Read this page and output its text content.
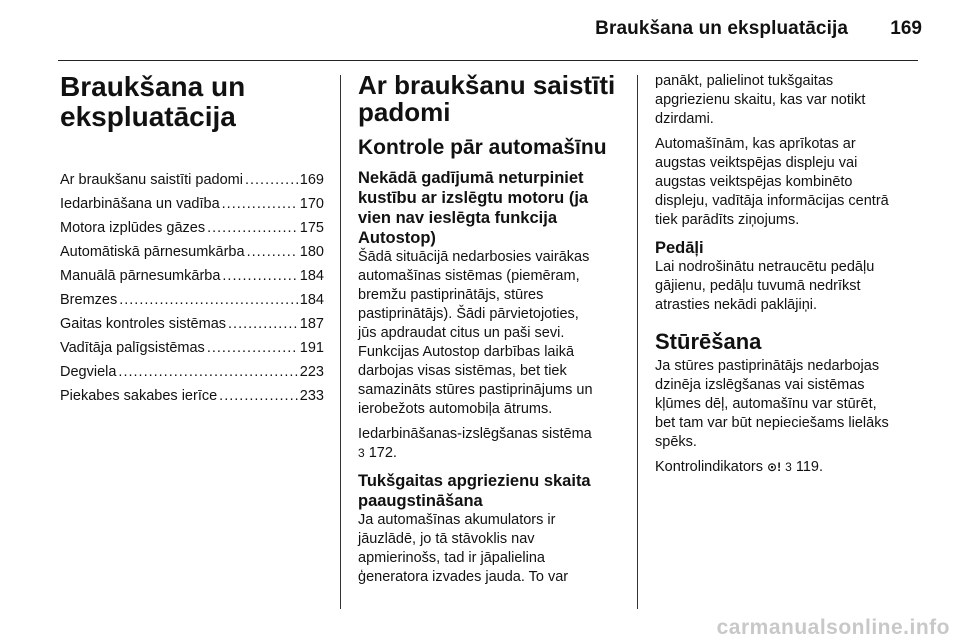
Braukšana un ekspluatācija 169
Braukšana un
ekspluatācija
Ar braukšanu saistīti padomi .....	169
Iedarbināšana un vadība .....	170
Motora izplūdes gāzes .....	175
Automātiskā pārnesumkārba .....	180
Manuālā pārnesumkārba .....	184
Bremzes .....	184
Gaitas kontroles sistēmas .....	187
Vadītāja palīgsistēmas .....	191
Degviela .....	223
Piekabes sakabes ierīce .....	233
Ar braukšanu saistīti
padomi
Kontrole pār automašīnu
Nekādā gadījumā neturpiniet
kustību ar izslēgtu motoru (ja
vien nav ieslēgta funkcija
Autostop)
Šādā situācijā nedarbosies vairākas
automašīnas sistēmas (piemēram,
bremžu pastiprinātājs, stūres
pastiprinātājs). Šādi pārvietojoties,
jūs apdraudat citus un paši sevi.
Funkcijas Autostop darbības laikā
darbojas visas sistēmas, bet tiek
samazināts stūres pastiprinājums un
ierobežots automobiļa ātrums.
Iedarbināšanas-izslēgšanas sistēma
3 172.
Tukšgaitas apgriezienu skaita
paaugstināšana
Ja automašīnas akumulators ir
jāuzlādē, jo tā stāvoklis nav
apmierinošs, tad ir jāpalielina
ģeneratora izvades jauda. To var
panākt, palielinot tukšgaitas
apgriezienu skaitu, kas var notikt
dzirdami.
Automašīnām, kas aprīkotas ar
augstas veiktspējas displeju vai
augstas veiktspējas kombinēto
displeju, vadītāja informācijas centrā
tiek parādīts ziņojums.
Pedāļi
Lai nodrošinātu netraucētu pedāļu
gājienu, pedāļu tuvumā nedrīkst
atrasties nekādi paklājiņi.
Stūrēšana
Ja stūres pastiprinātājs nedarbojas
dzinēja izslēgšanas vai sistēmas
kļūmes dēļ, automašīnu var stūrēt,
bet tam var būt nepieciešams lielāks
spēks.
Kontrolindikators ⊙! 3 119.
carmanualsonline.info
